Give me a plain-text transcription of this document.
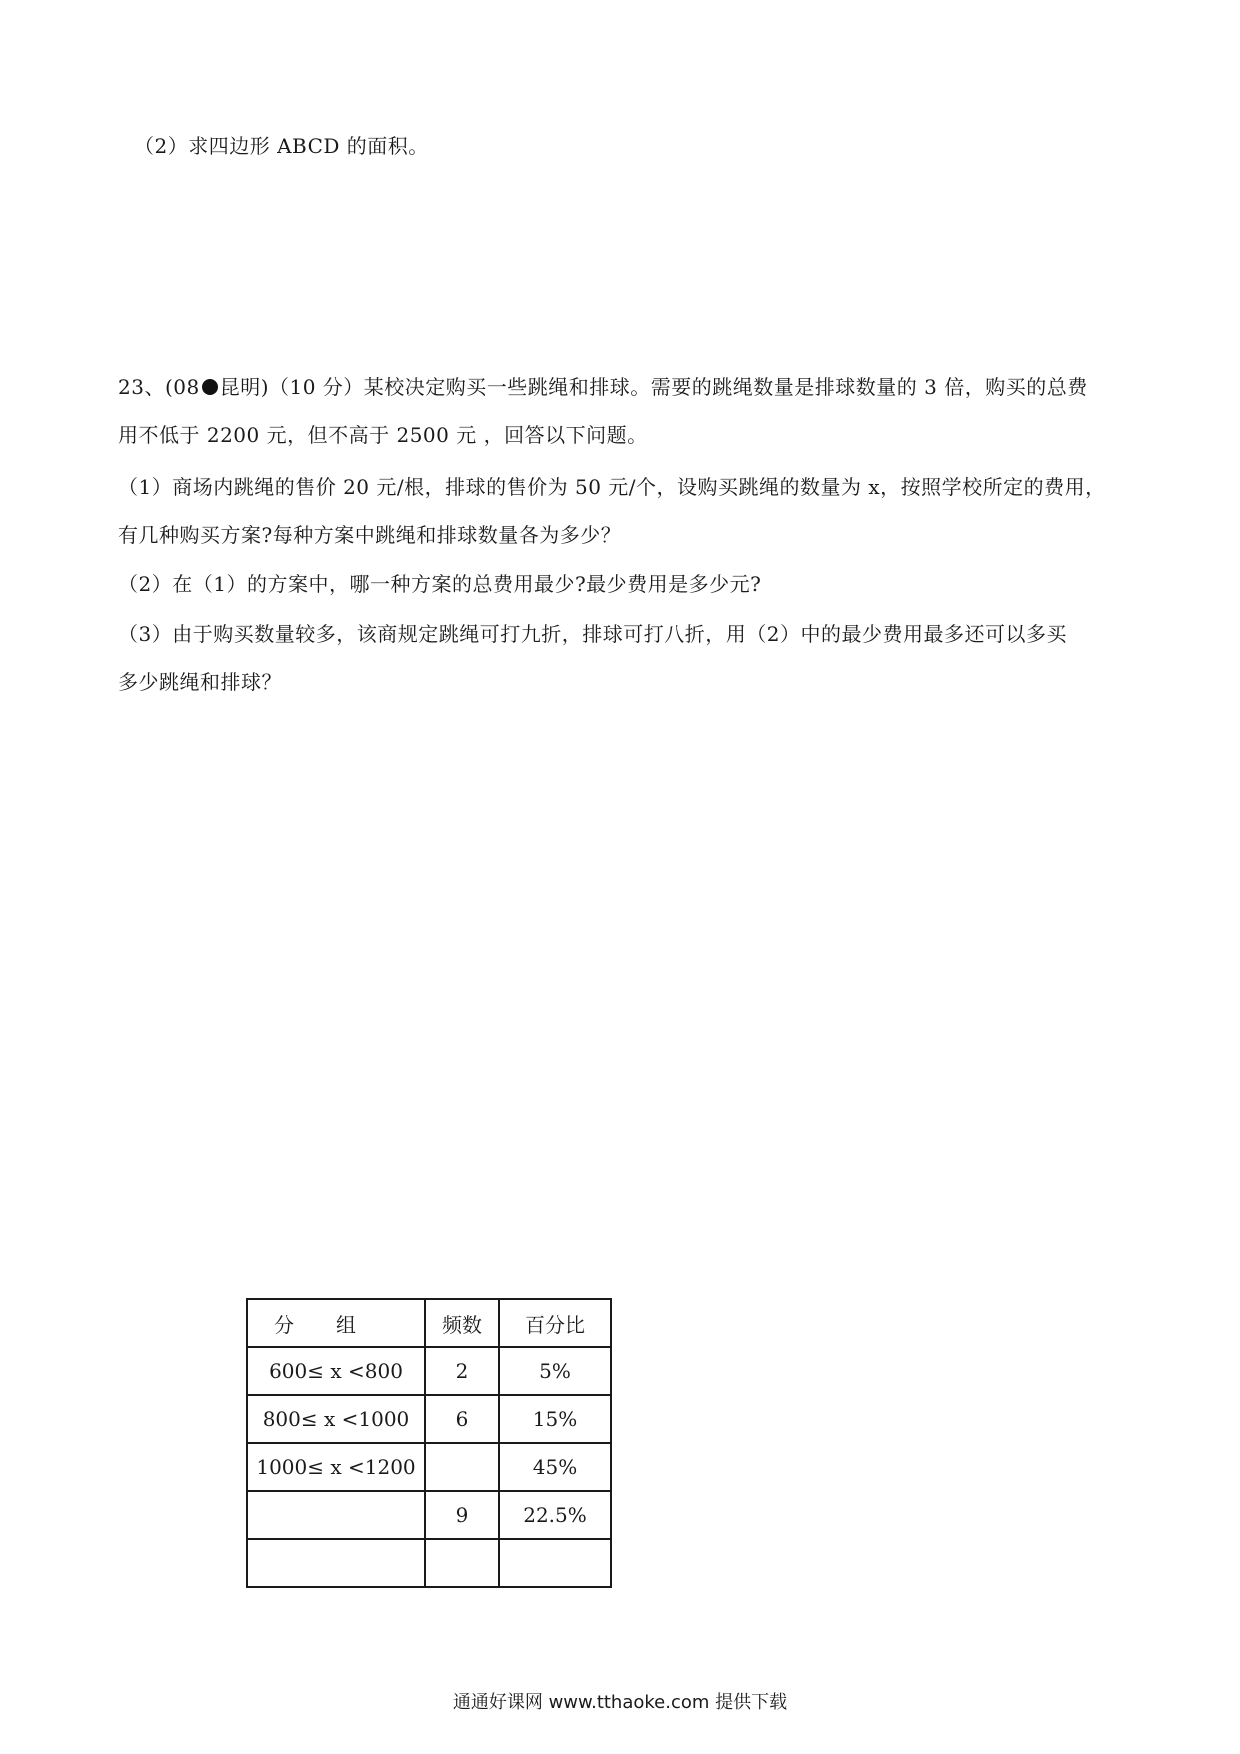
（2）求四边形 ABCD 的面积。
23、(08 昆明)（10 分）某校决定购买一些跳绳和排球。需要的跳绳数量是排球数量的 3 倍，购买的总费
用不低于 2200 元，但不高于 2500 元 ，回答以下问题。
（1）商场内跳绳的售价 20 元/根，排球的售价为 50 元/个，设购买跳绳的数量为 x，按照学校所定的费用，
有几种购买方案?每种方案中跳绳和排球数量各为多少？
（2）在（1）的方案中，哪一种方案的总费用最少?最少费用是多少元?
（3）由于购买数量较多，该商规定跳绳可打九折，排球可打八折，用（2）中的最少费用最多还可以多买
多少跳绳和排球？
分组	频数	百分比
600≤ x <800	2	5%
800≤ x <1000	6	15%
1000≤ x <1200		45%
	9	22.5%

通通好课网 www.tthaoke.com 提供下载
